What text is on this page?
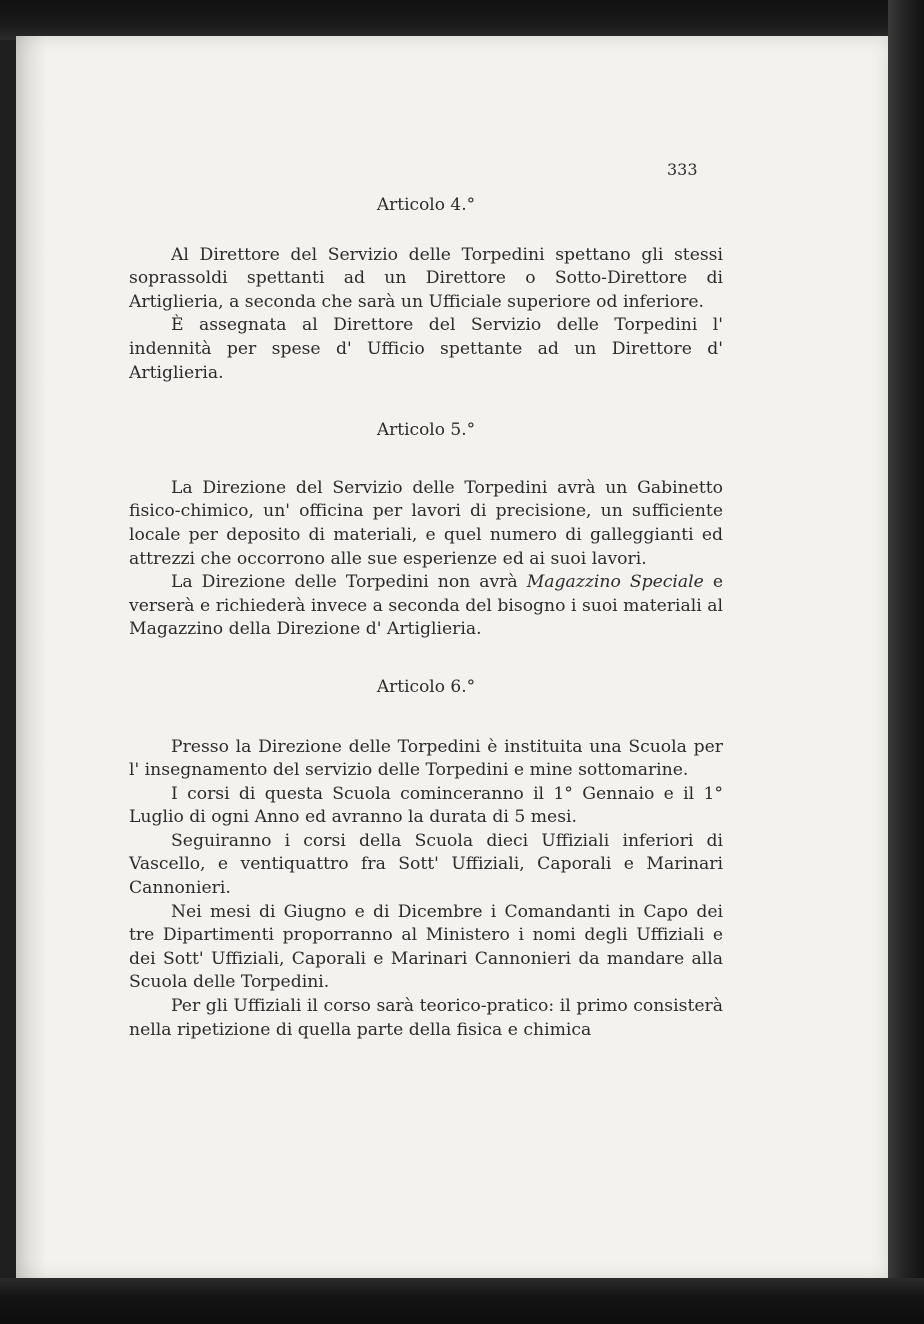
333

Articolo 4.°

Al Direttore del Servizio delle Torpedini spettano gli stessi soprassoldi spettanti ad un Direttore o Sotto-Direttore di Artiglieria, a seconda che sarà un Ufficiale superiore od inferiore.

È assegnata al Direttore del Servizio delle Torpedini l' indennità per spese d' Ufficio spettante ad un Direttore d' Artiglieria.

Articolo 5.°

La Direzione del Servizio delle Torpedini avrà un Gabinetto fisico-chimico, un' officina per lavori di precisione, un sufficiente locale per deposito di materiali, e quel numero di galleggianti ed attrezzi che occorrono alle sue esperienze ed ai suoi lavori.

La Direzione delle Torpedini non avrà Magazzino Speciale e verserà e richiederà invece a seconda del bisogno i suoi materiali al Magazzino della Direzione d' Artiglieria.

Articolo 6.°

Presso la Direzione delle Torpedini è instituita una Scuola per l' insegnamento del servizio delle Torpedini e mine sottomarine.

I corsi di questa Scuola cominceranno il 1° Gennaio e il 1° Luglio di ogni Anno ed avranno la durata di 5 mesi.

Seguiranno i corsi della Scuola dieci Uffiziali inferiori di Vascello, e ventiquattro fra Sott' Uffiziali, Caporali e Marinari Cannonieri.

Nei mesi di Giugno e di Dicembre i Comandanti in Capo dei tre Dipartimenti proporranno al Ministero i nomi degli Uffiziali e dei Sott' Uffiziali, Caporali e Marinari Cannonieri da mandare alla Scuola delle Torpedini.

Per gli Uffiziali il corso sarà teorico-pratico: il primo consisterà nella ripetizione di quella parte della fisica e chimica
